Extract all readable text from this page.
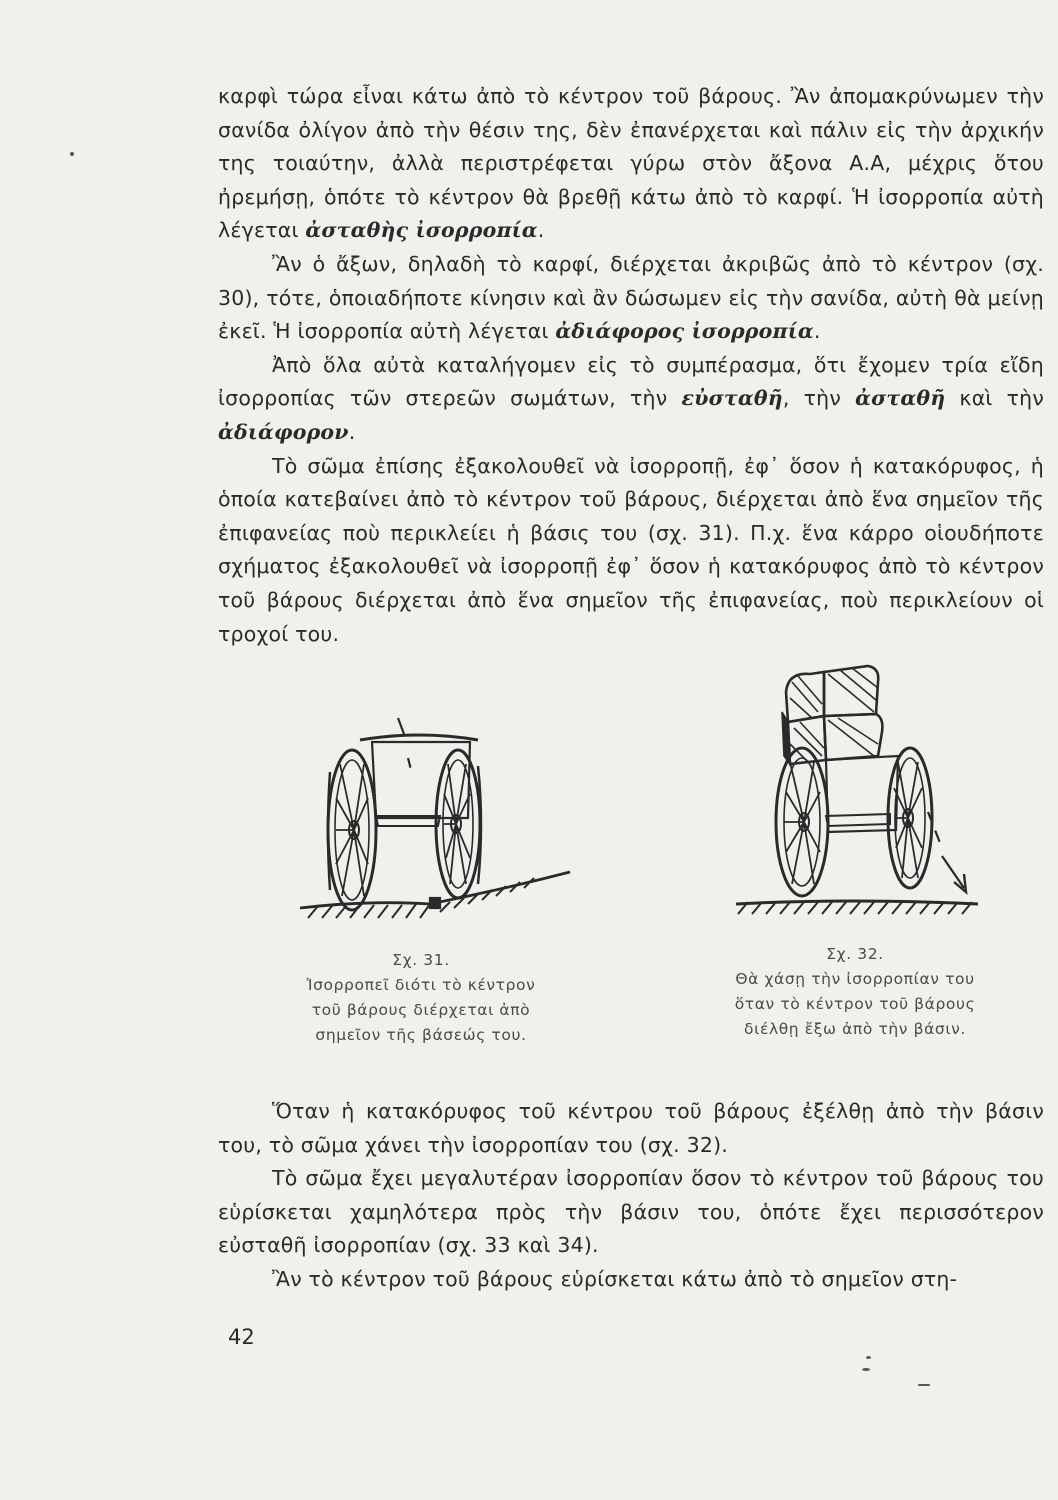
καρφὶ τώρα εἶναι κάτω ἀπὸ τὸ κέντρον τοῦ βάρους. Ἂν ἀπομακρύνωμεν τὴν σανίδα ὀλίγον ἀπὸ τὴν θέσιν της, δὲν ἐπανέρχεται καὶ πάλιν εἰς τὴν ἀρχικήν της τοιαύτην, ἀλλὰ περιστρέφεται γύρω στὸν ἄξονα Α.Α, μέχρις ὅτου ἠρεμήσῃ, ὁπότε τὸ κέντρον θὰ βρεθῇ κάτω ἀπὸ τὸ καρφί. Ἡ ἰσορροπία αὐτὴ λέγεται ἀσταθὴς ἰσορροπία.

Ἂν ὁ ἄξων, δηλαδὴ τὸ καρφί, διέρχεται ἀκριβῶς ἀπὸ τὸ κέντρον (σχ. 30), τότε, ὁποιαδήποτε κίνησιν καὶ ἂν δώσωμεν εἰς τὴν σανίδα, αὐτὴ θὰ μείνῃ ἐκεῖ. Ἡ ἰσορροπία αὐτὴ λέγεται ἀδιάφορος ἰσορροπία.

Ἀπὸ ὅλα αὐτὰ καταλήγομεν εἰς τὸ συμπέρασμα, ὅτι ἔχομεν τρία εἴδη ἰσορροπίας τῶν στερεῶν σωμάτων, τὴν εὐσταθῆ, τὴν ἀσταθῆ καὶ τὴν ἀδιάφορον.

Τὸ σῶμα ἐπίσης ἐξακολουθεῖ νὰ ἰσορροπῇ, ἐφ᾽ ὅσον ἡ κατακόρυφος, ἡ ὁποία κατεβαίνει ἀπὸ τὸ κέντρον τοῦ βάρους, διέρχεται ἀπὸ ἕνα σημεῖον τῆς ἐπιφανείας ποὺ περικλείει ἡ βάσις του (σχ. 31). Π.χ. ἕνα κάρρο οἱουδήποτε σχήματος ἐξακολουθεῖ νὰ ἰσορροπῇ ἐφ᾽ ὅσον ἡ κατακόρυφος ἀπὸ τὸ κέντρον τοῦ βάρους διέρχεται ἀπὸ ἕνα σημεῖον τῆς ἐπιφανείας, ποὺ περικλείουν οἱ τροχοί του.

Σχ. 31.
Ἰσορροπεῖ διότι τὸ κέντρον
τοῦ βάρους διέρχεται ἀπὸ
σημεῖον τῆς βάσεώς του.
Σχ. 32.
Θὰ χάσῃ τὴν ἰσορροπίαν του
ὅταν τὸ κέντρον τοῦ βάρους
διέλθῃ ἔξω ἀπὸ τὴν βάσιν.

Ὅταν ἡ κατακόρυφος τοῦ κέντρου τοῦ βάρους ἐξέλθῃ ἀπὸ τὴν βάσιν του, τὸ σῶμα χάνει τὴν ἰσορροπίαν του (σχ. 32).

Τὸ σῶμα ἔχει μεγαλυτέραν ἰσορροπίαν ὅσον τὸ κέντρον τοῦ βάρους του εὑρίσκεται χαμηλότερα πρὸς τὴν βάσιν του, ὁπότε ἔχει περισσότερον εὐσταθῆ ἰσορροπίαν (σχ. 33 καὶ 34).

Ἂν τὸ κέντρον τοῦ βάρους εὑρίσκεται κάτω ἀπὸ τὸ σημεῖον στη-

42
